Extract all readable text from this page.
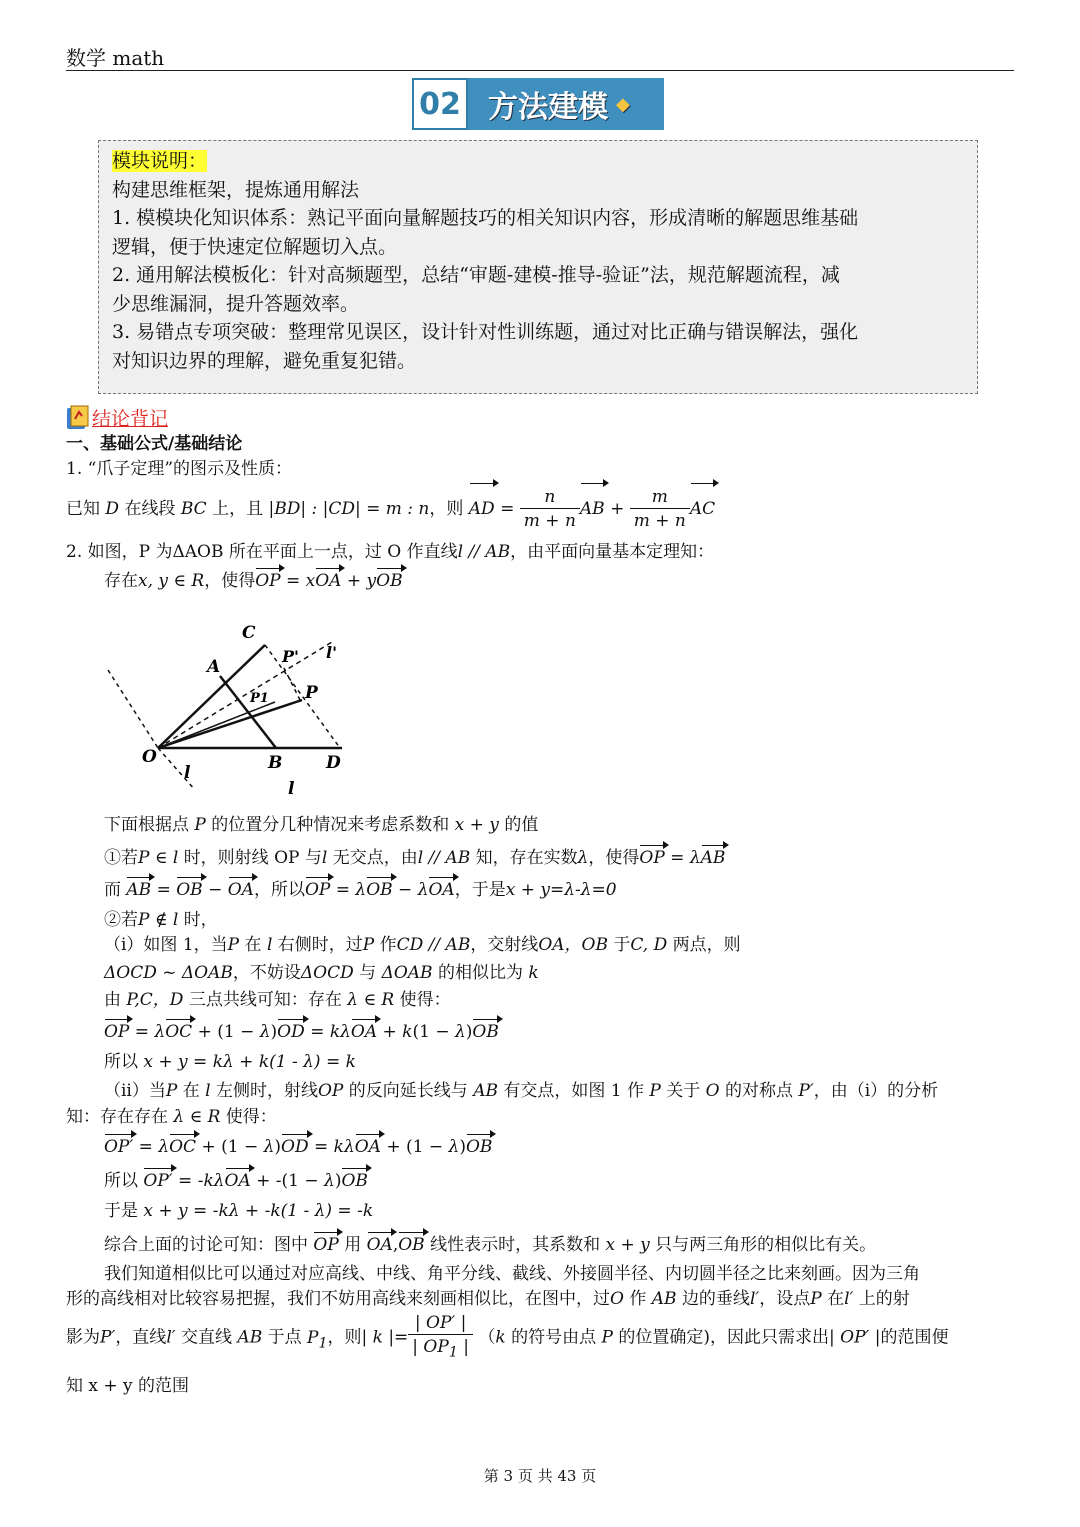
数学 math
02 方法建模 ◆
模块说明：
构建思维框架，提炼通用解法
1. 模模块化知识体系：熟记平面向量解题技巧的相关知识内容，形成清晰的解题思维基础
逻辑，便于快速定位解题切入点。
2. 通用解法模板化：针对高频题型，总结“审题-建模-推导-验证”法，规范解题流程，减
少思维漏洞，提升答题效率。
3. 易错点专项突破：整理常见误区，设计针对性训练题，通过对比正确与错误解法，强化
对知识边界的理解，避免重复犯错。
结论背记
一、基础公式/基础结论
1. “爪子定理”的图示及性质：
已知 D 在线段 BC 上，且 |BD| : |CD| = m : n，则 AD = $\frac{n}{m + n}$ AB + $\frac{m}{m + n}$ AC
2. 如图，P 为ΔAOB 所在平面上一点，过 O 作直线l // AB，由平面向量基本定理知：
存在x, y ∈ R，使得OP = xOA + yOB
C
A
P' l'
P1 P
O	B	D
l
l
下面根据点 P 的位置分几种情况来考虑系数和 x + y 的值
①若P ∈ l 时，则射线 OP 与l 无交点，由l // AB 知，存在实数λ，使得OP = λAB
而 AB = OB − OA，所以OP = λOB − λOA，于是x + y=λ-λ=0
②若P ∉ l 时，
（i）如图 1，当P 在 l 右侧时，过P 作CD // AB，交射线OA，OB 于C, D 两点，则
ΔOCD ~ ΔOAB，不妨设ΔOCD 与 ΔOAB 的相似比为 k
由 P,C，D 三点共线可知：存在 λ ∈ R 使得：
OP = λOC + (1 − λ)OD = kλOA + k(1 − λ)OB
所以 x + y = kλ + k(1 - λ) = k
（ii）当P 在 l 左侧时，射线OP 的反向延长线与 AB 有交点，如图 1 作 P 关于 O 的对称点 P′，由（i）的分析
知：存在存在 λ ∈ R 使得：
OP′ = λOC + (1 − λ)OD = kλOA + (1 − λ)OB
所以 OP′ = -kλOA + -(1 − λ)OB
于是 x + y = -kλ + -k(1 - λ) = -k
综合上面的讨论可知：图中 OP 用 OA,OB 线性表示时，其系数和 x + y 只与两三角形的相似比有关。
我们知道相似比可以通过对应高线、中线、角平分线、截线、外接圆半径、内切圆半径之比来刻画。因为三角
形的高线相对比较容易把握，我们不妨用高线来刻画相似比，在图中，过O 作 AB 边的垂线l′，设点P 在l′ 上的射
影为P′，直线l′ 交直线 AB 于点 $P_1$，则| k |= $\frac{| OP' |}{| OP_1 |} (k$ 的符号由点 P 的位置确定)，因此只需求出| OP′ |的范围便
知 x + y 的范围
第 3 页 共 43 页
